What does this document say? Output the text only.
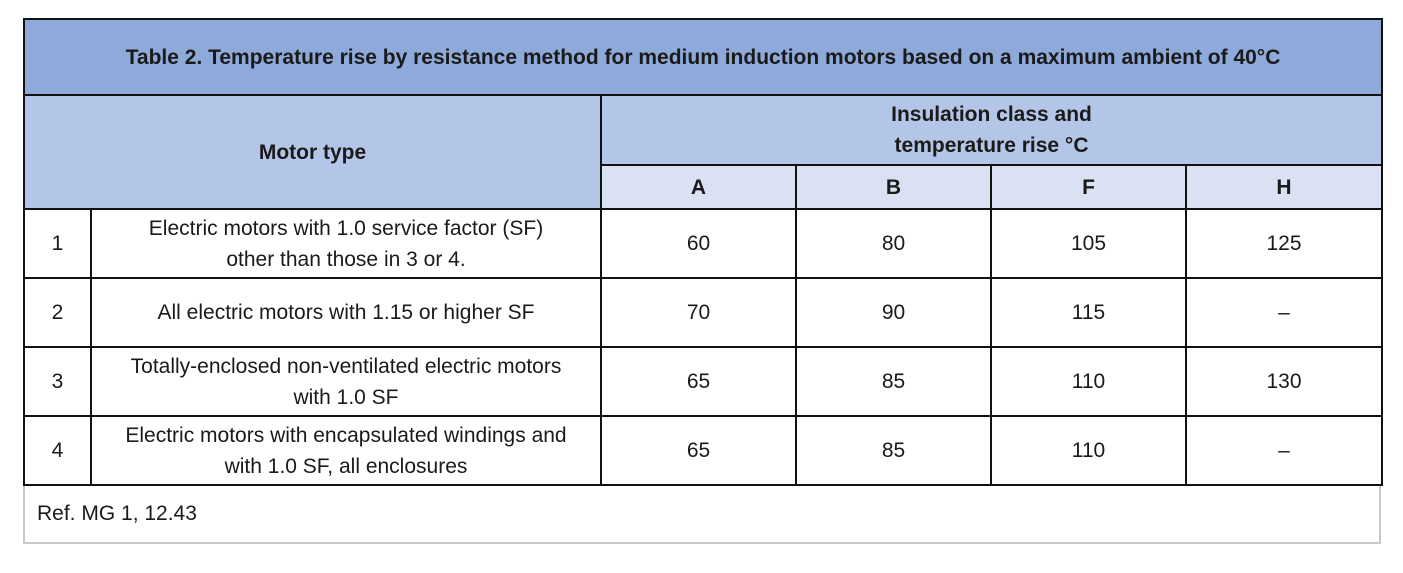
Table 2. Temperature rise by resistance method for medium induction motors based on a maximum ambient of 40°C					
Motor type		Insulation class and
temperature rise °C			

		A	B	F	H
1	Electric motors with 1.0 service factor (SF)
other than those in 3 or 4.	60	80	105	125
2	All electric motors with 1.15 or higher SF	70	90	115	–
3	Totally-enclosed non-ventilated electric motors
with 1.0 SF	65	85	110	130
4	Electric motors with encapsulated windings and
with 1.0 SF, all enclosures	65	85	110	–
Ref. MG 1, 12.43
